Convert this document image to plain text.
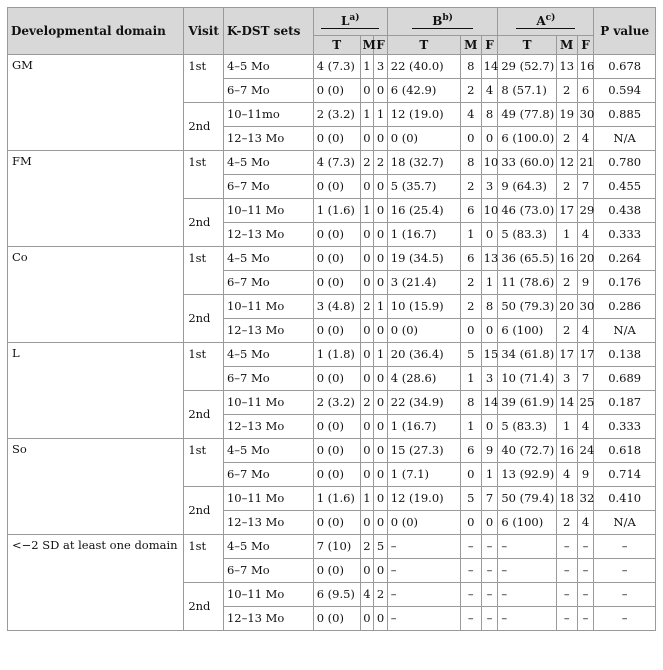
Developmental domain	Visit	K-DST sets	$L^{a)}$			$B^{b)}$			$A^{c)}$			P value
			T	M	F	T	M	F	T	M	F	
GM	1st	4–5 Mo	4 (7.3)	1	3	22 (40.0)	8	14	29 (52.7)	13	16	0.678
		6–7 Mo	0 (0)	0	0	6 (42.9)	2	4	8 (57.1)	2	6	0.594
	2nd	10–11mo	2 (3.2)	1	1	12 (19.0)	4	8	49 (77.8)	19	30	0.885
		12–13 Mo	0 (0)	0	0	0 (0)	0	0	6 (100.0)	2	4	N/A
FM	1st	4–5 Mo	4 (7.3)	2	2	18 (32.7)	8	10	33 (60.0)	12	21	0.780
		6–7 Mo	0 (0)	0	0	5 (35.7)	2	3	9 (64.3)	2	7	0.455
	2nd	10–11 Mo	1 (1.6)	1	0	16 (25.4)	6	10	46 (73.0)	17	29	0.438
		12–13 Mo	0 (0)	0	0	1 (16.7)	1	0	5 (83.3)	1	4	0.333
Co	1st	4–5 Mo	0 (0)	0	0	19 (34.5)	6	13	36 (65.5)	16	20	0.264
		6–7 Mo	0 (0)	0	0	3 (21.4)	2	1	11 (78.6)	2	9	0.176
	2nd	10–11 Mo	3 (4.8)	2	1	10 (15.9)	2	8	50 (79.3)	20	30	0.286
		12–13 Mo	0 (0)	0	0	0 (0)	0	0	6 (100)	2	4	N/A
L	1st	4–5 Mo	1 (1.8)	0	1	20 (36.4)	5	15	34 (61.8)	17	17	0.138
		6–7 Mo	0 (0)	0	0	4 (28.6)	1	3	10 (71.4)	3	7	0.689
	2nd	10–11 Mo	2 (3.2)	2	0	22 (34.9)	8	14	39 (61.9)	14	25	0.187
		12–13 Mo	0 (0)	0	0	1 (16.7)	1	0	5 (83.3)	1	4	0.333
So	1st	4–5 Mo	0 (0)	0	0	15 (27.3)	6	9	40 (72.7)	16	24	0.618
		6–7 Mo	0 (0)	0	0	1 (7.1)	0	1	13 (92.9)	4	9	0.714
	2nd	10–11 Mo	1 (1.6)	1	0	12 (19.0)	5	7	50 (79.4)	18	32	0.410
		12–13 Mo	0 (0)	0	0	0 (0)	0	0	6 (100)	2	4	N/A
<−2 SD at least one domain	1st	4–5 Mo	7 (10)	2	5	–	–	–	–	–	–	–
		6–7 Mo	0 (0)	0	0	–	–	–	–	–	–	–
	2nd	10–11 Mo	6 (9.5)	4	2	–	–	–	–	–	–	–
		12–13 Mo	0 (0)	0	0	–	–	–	–	–	–	–
